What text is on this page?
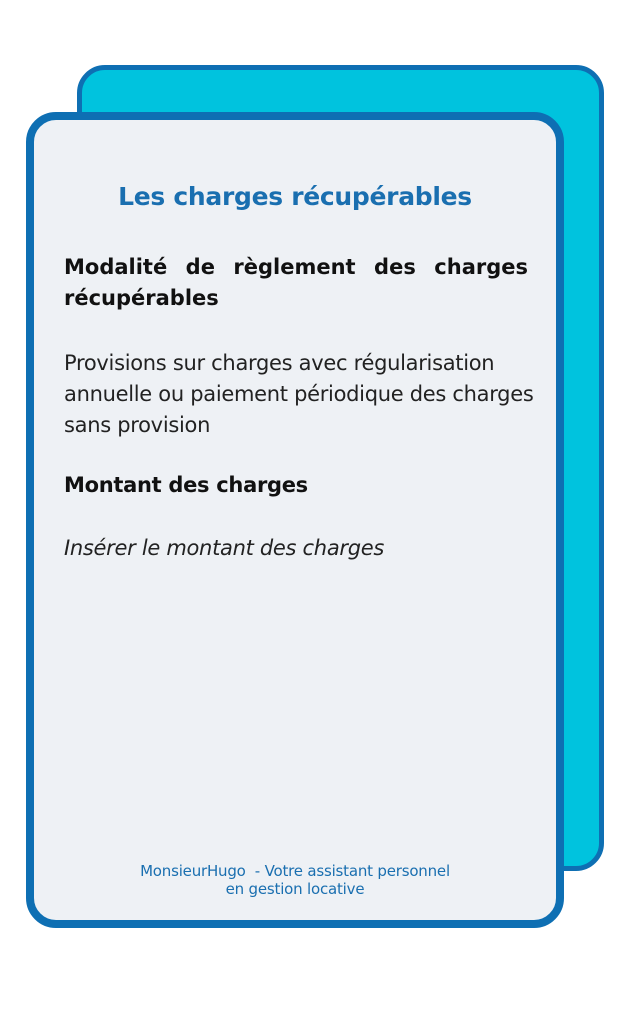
Les charges récupérables
Modalité de règlement des charges récupérables
Provisions sur charges avec régularisation annuelle ou paiement périodique des charges sans provision
Montant des charges
Insérer le montant des charges
MonsieurHugo  - Votre assistant personnel
en gestion locative
